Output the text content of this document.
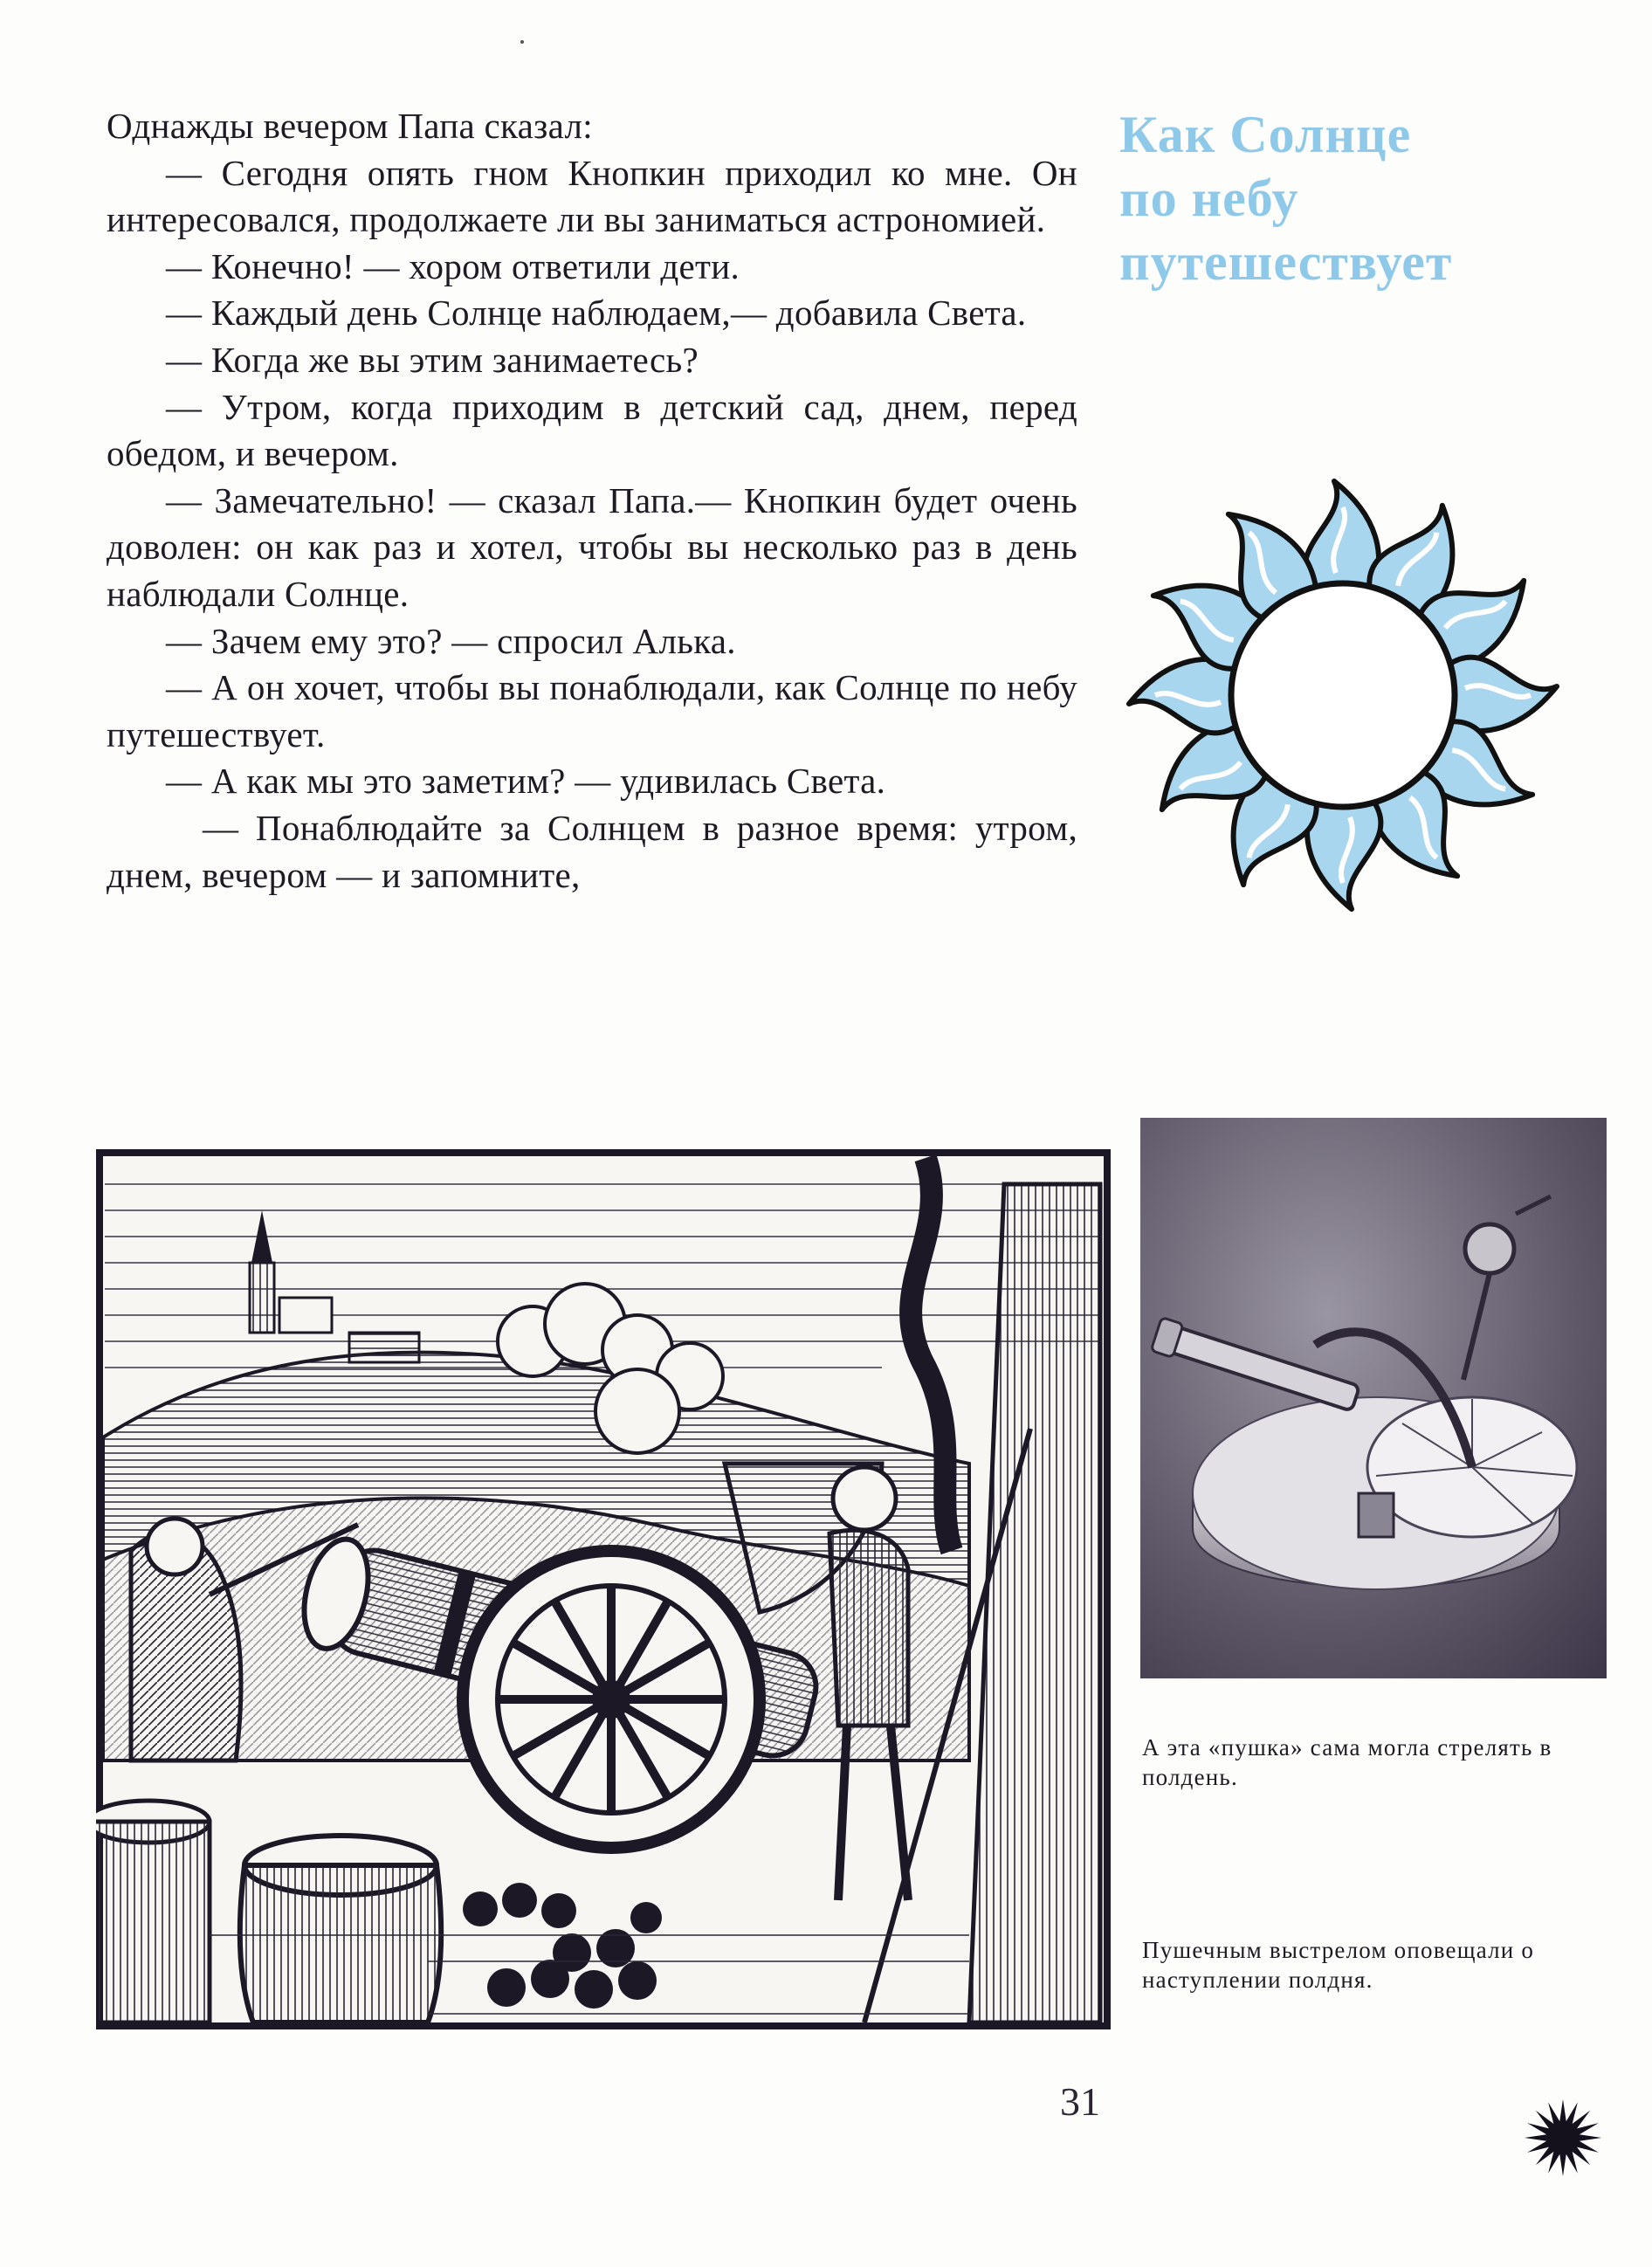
Однажды вечером Папа сказал:

— Сегодня опять гном Кнопкин приходил ко мне. Он интересовался, продолжаете ли вы заниматься астрономией.

— Конечно! — хором ответили дети.

— Каждый день Солнце наблюдаем,— добавила Света.

— Когда же вы этим занимаетесь?

— Утром, когда приходим в детский сад, днем, перед обедом, и вечером.

— Замечательно! — сказал Папа.— Кнопкин будет очень доволен: он как раз и хотел, чтобы вы несколько раз в день наблюдали Солнце.

— Зачем ему это? — спросил Алька.

— А он хочет, чтобы вы понаблюдали, как Солнце по небу путешествует.

— А как мы это заметим? — удивилась Света.

— Понаблюдайте за Солнцем в разное время: утром, днем, вечером — и запомните,

Как Солнце
по небу
путешествует
А эта «пушка» сама могла стрелять в полдень.
Пушечным выстрелом оповещали о наступлении полдня.
31
